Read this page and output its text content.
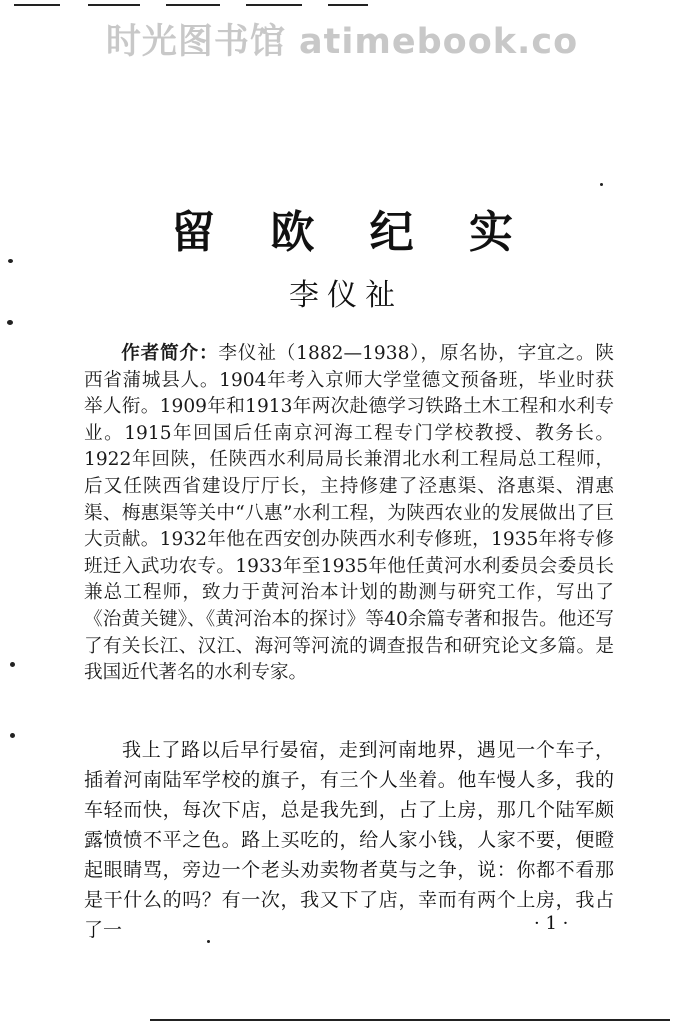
时光图书馆 atimebook.co
留 欧 纪 实
李仪祉

作者简介：李仪祉（1882—1938），原名协，字宜之。陕西省蒲城县人。1904年考入京师大学堂德文预备班，毕业时获举人衔。1909年和1913年两次赴德学习铁路土木工程和水利专业。1915年回国后任南京河海工程专门学校教授、教务长。1922年回陕，任陕西水利局局长兼渭北水利工程局总工程师，后又任陕西省建设厅厅长，主持修建了泾惠渠、洛惠渠、渭惠渠、梅惠渠等关中“八惠”水利工程，为陕西农业的发展做出了巨大贡献。1932年他在西安创办陕西水利专修班，1935年将专修班迁入武功农专。1933年至1935年他任黄河水利委员会委员长兼总工程师，致力于黄河治本计划的勘测与研究工作，写出了《治黄关键》、《黄河治本的探讨》等40余篇专著和报告。他还写了有关长江、汉江、海河等河流的调查报告和研究论文多篇。是我国近代著名的水利专家。

我上了路以后早行晏宿，走到河南地界，遇见一个车子，插着河南陆军学校的旗子，有三个人坐着。他车慢人多，我的车轻而快，每次下店，总是我先到，占了上房，那几个陆军颇露愤愤不平之色。路上买吃的，给人家小钱，人家不要，便瞪起眼睛骂，旁边一个老头劝卖物者莫与之争，说：你都不看那是干什么的吗？有一次，我又下了店，幸而有两个上房，我占了一	· 1 ·
